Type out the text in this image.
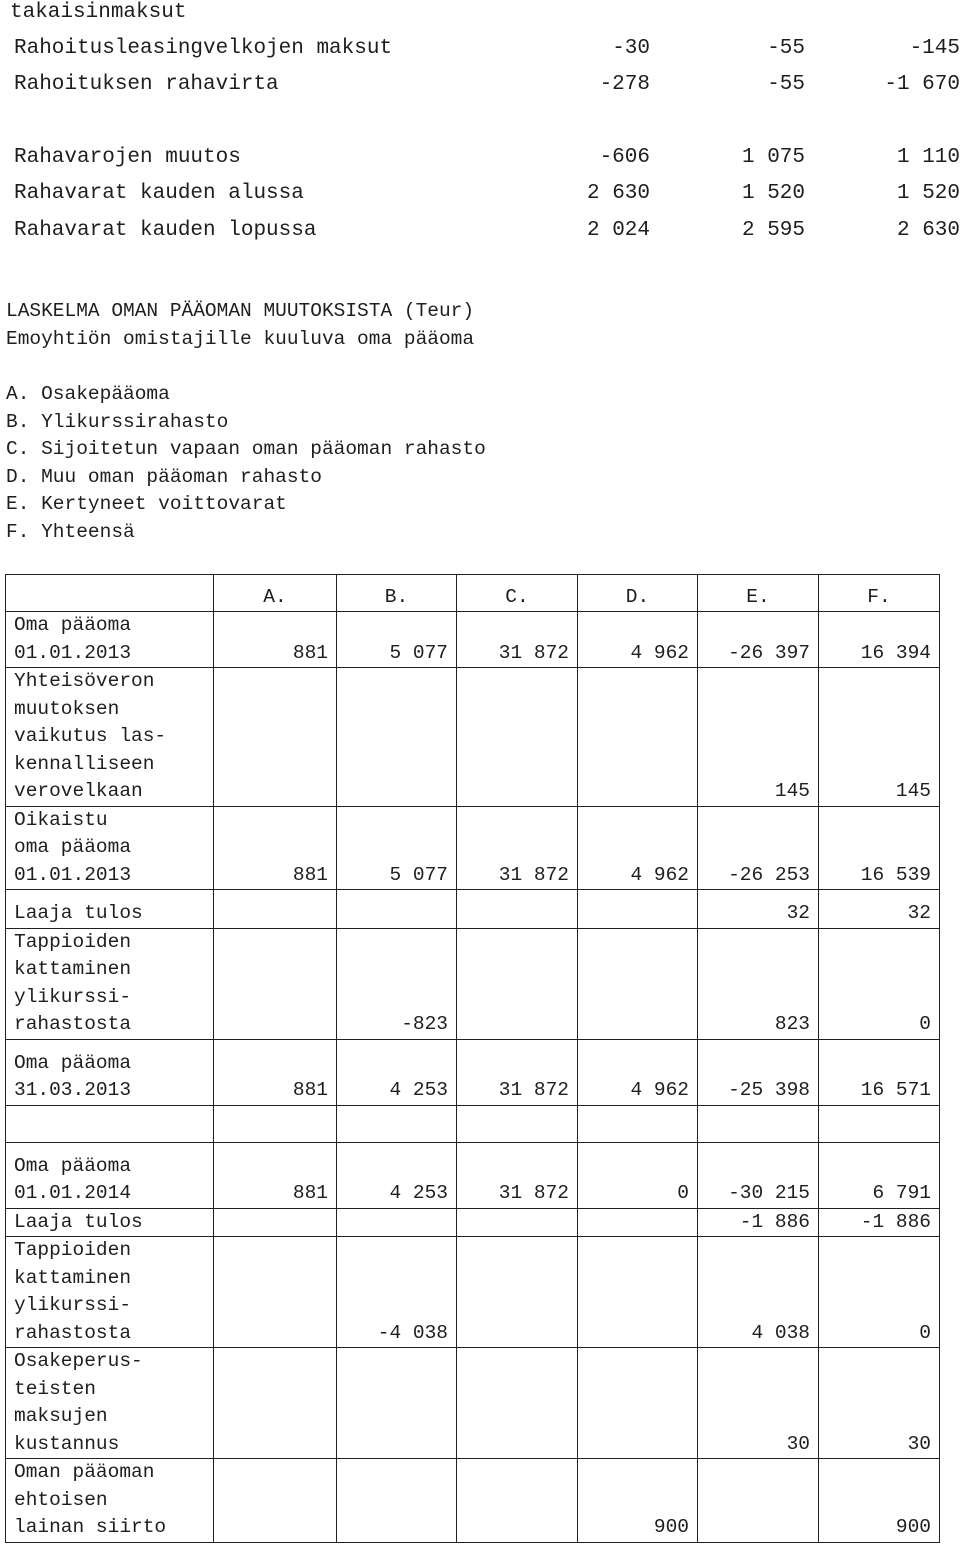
takaisinmaksut
Rahoitusleasingvelkojen maksut	-30	-55	-145
Rahoituksen rahavirta	-278	-55	-1 670
Rahavarojen muutos	-606	1 075	1 110
Rahavarat kauden alussa	2 630	1 520	1 520
Rahavarat kauden lopussa	2 024	2 595	2 630
LASKELMA OMAN PÄÄOMAN MUUTOKSISTA (Teur)
Emoyhtiön omistajille kuuluva oma pääoma
A. Osakepääoma
B. Ylikurssirahasto
C. Sijoitetun vapaan oman pääoman rahasto
D. Muu oman pääoman rahasto
E. Kertyneet voittovarat
F. Yhteensä
	A.	B.	C.	D.	E.	F.
Oma pääoma
01.01.2013	881	5 077	31 872	4 962	-26 397	16 394
Yhteisöveron
muutoksen
vaikutus las-
kennalliseen
verovelkaan					145	145
Oikaistu
oma pääoma
01.01.2013	881	5 077	31 872	4 962	-26 253	16 539
Laaja tulos					32	32
Tappioiden
kattaminen
ylikurssi-
rahastosta		-823			823	0
Oma pääoma
31.03.2013	881	4 253	31 872	4 962	-25 398	16 571

Oma pääoma
01.01.2014	881	4 253	31 872	0	-30 215	6 791
Laaja tulos					-1 886	-1 886
Tappioiden
kattaminen
ylikurssi-
rahastosta		-4 038			4 038	0
Osakeperus-
teisten
maksujen
kustannus					30	30
Oman pääoman
ehtoisen
lainan siirto				900		900
